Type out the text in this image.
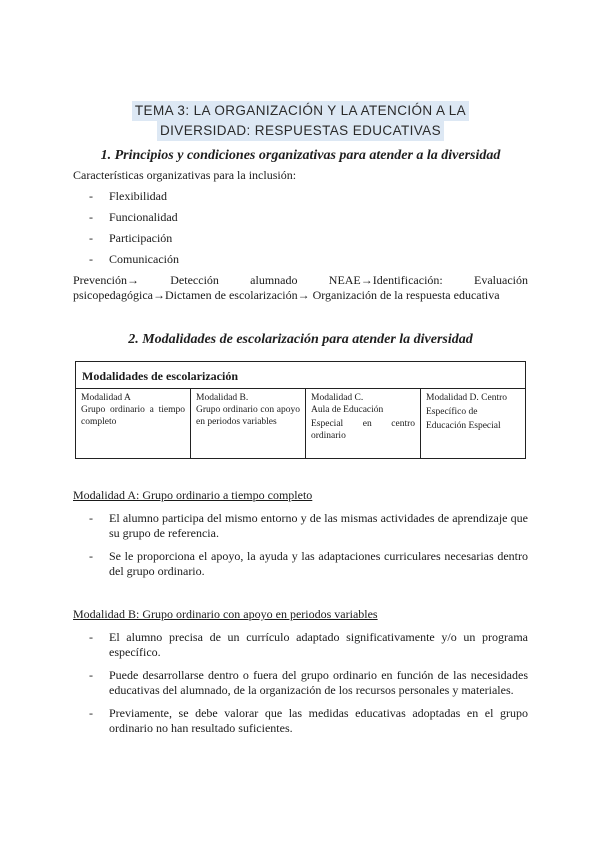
TEMA 3: LA ORGANIZACIÓN Y LA ATENCIÓN A LA
DIVERSIDAD: RESPUESTAS EDUCATIVAS
1. Principios y condiciones organizativas para atender a la diversidad

Características organizativas para la inclusión:

-	Flexibilidad
-	Funcionalidad
-	Participación
-	Comunicación

Prevención→ Detección alumnado NEAE→Identificación: Evaluación

psicopedagógica→Dictamen de escolarización→ Organización de la respuesta educativa

2. Modalidades de escolarización para atender la diversidad
Modalidades de escolarización

Modalidad A
Grupo ordinario a tiempo completo

Modalidad B.
Grupo ordinario con apoyo en periodos variables

Modalidad C.
Aula de Educación
Especial en centro ordinario

Modalidad D. Centro
Específico de
Educación Especial

Modalidad A: Grupo ordinario a tiempo completo

-	El alumno participa del mismo entorno y de las mismas actividades de aprendizaje que su grupo de referencia.
-	Se le proporciona el apoyo, la ayuda y las adaptaciones curriculares necesarias dentro del grupo ordinario.

Modalidad B: Grupo ordinario con apoyo en periodos variables

-	El alumno precisa de un currículo adaptado significativamente y/o un programa específico.
-	Puede desarrollarse dentro o fuera del grupo ordinario en función de las necesidades educativas del alumnado, de la organización de los recursos personales y materiales.
-	Previamente, se debe valorar que las medidas educativas adoptadas en el grupo ordinario no han resultado suficientes.
